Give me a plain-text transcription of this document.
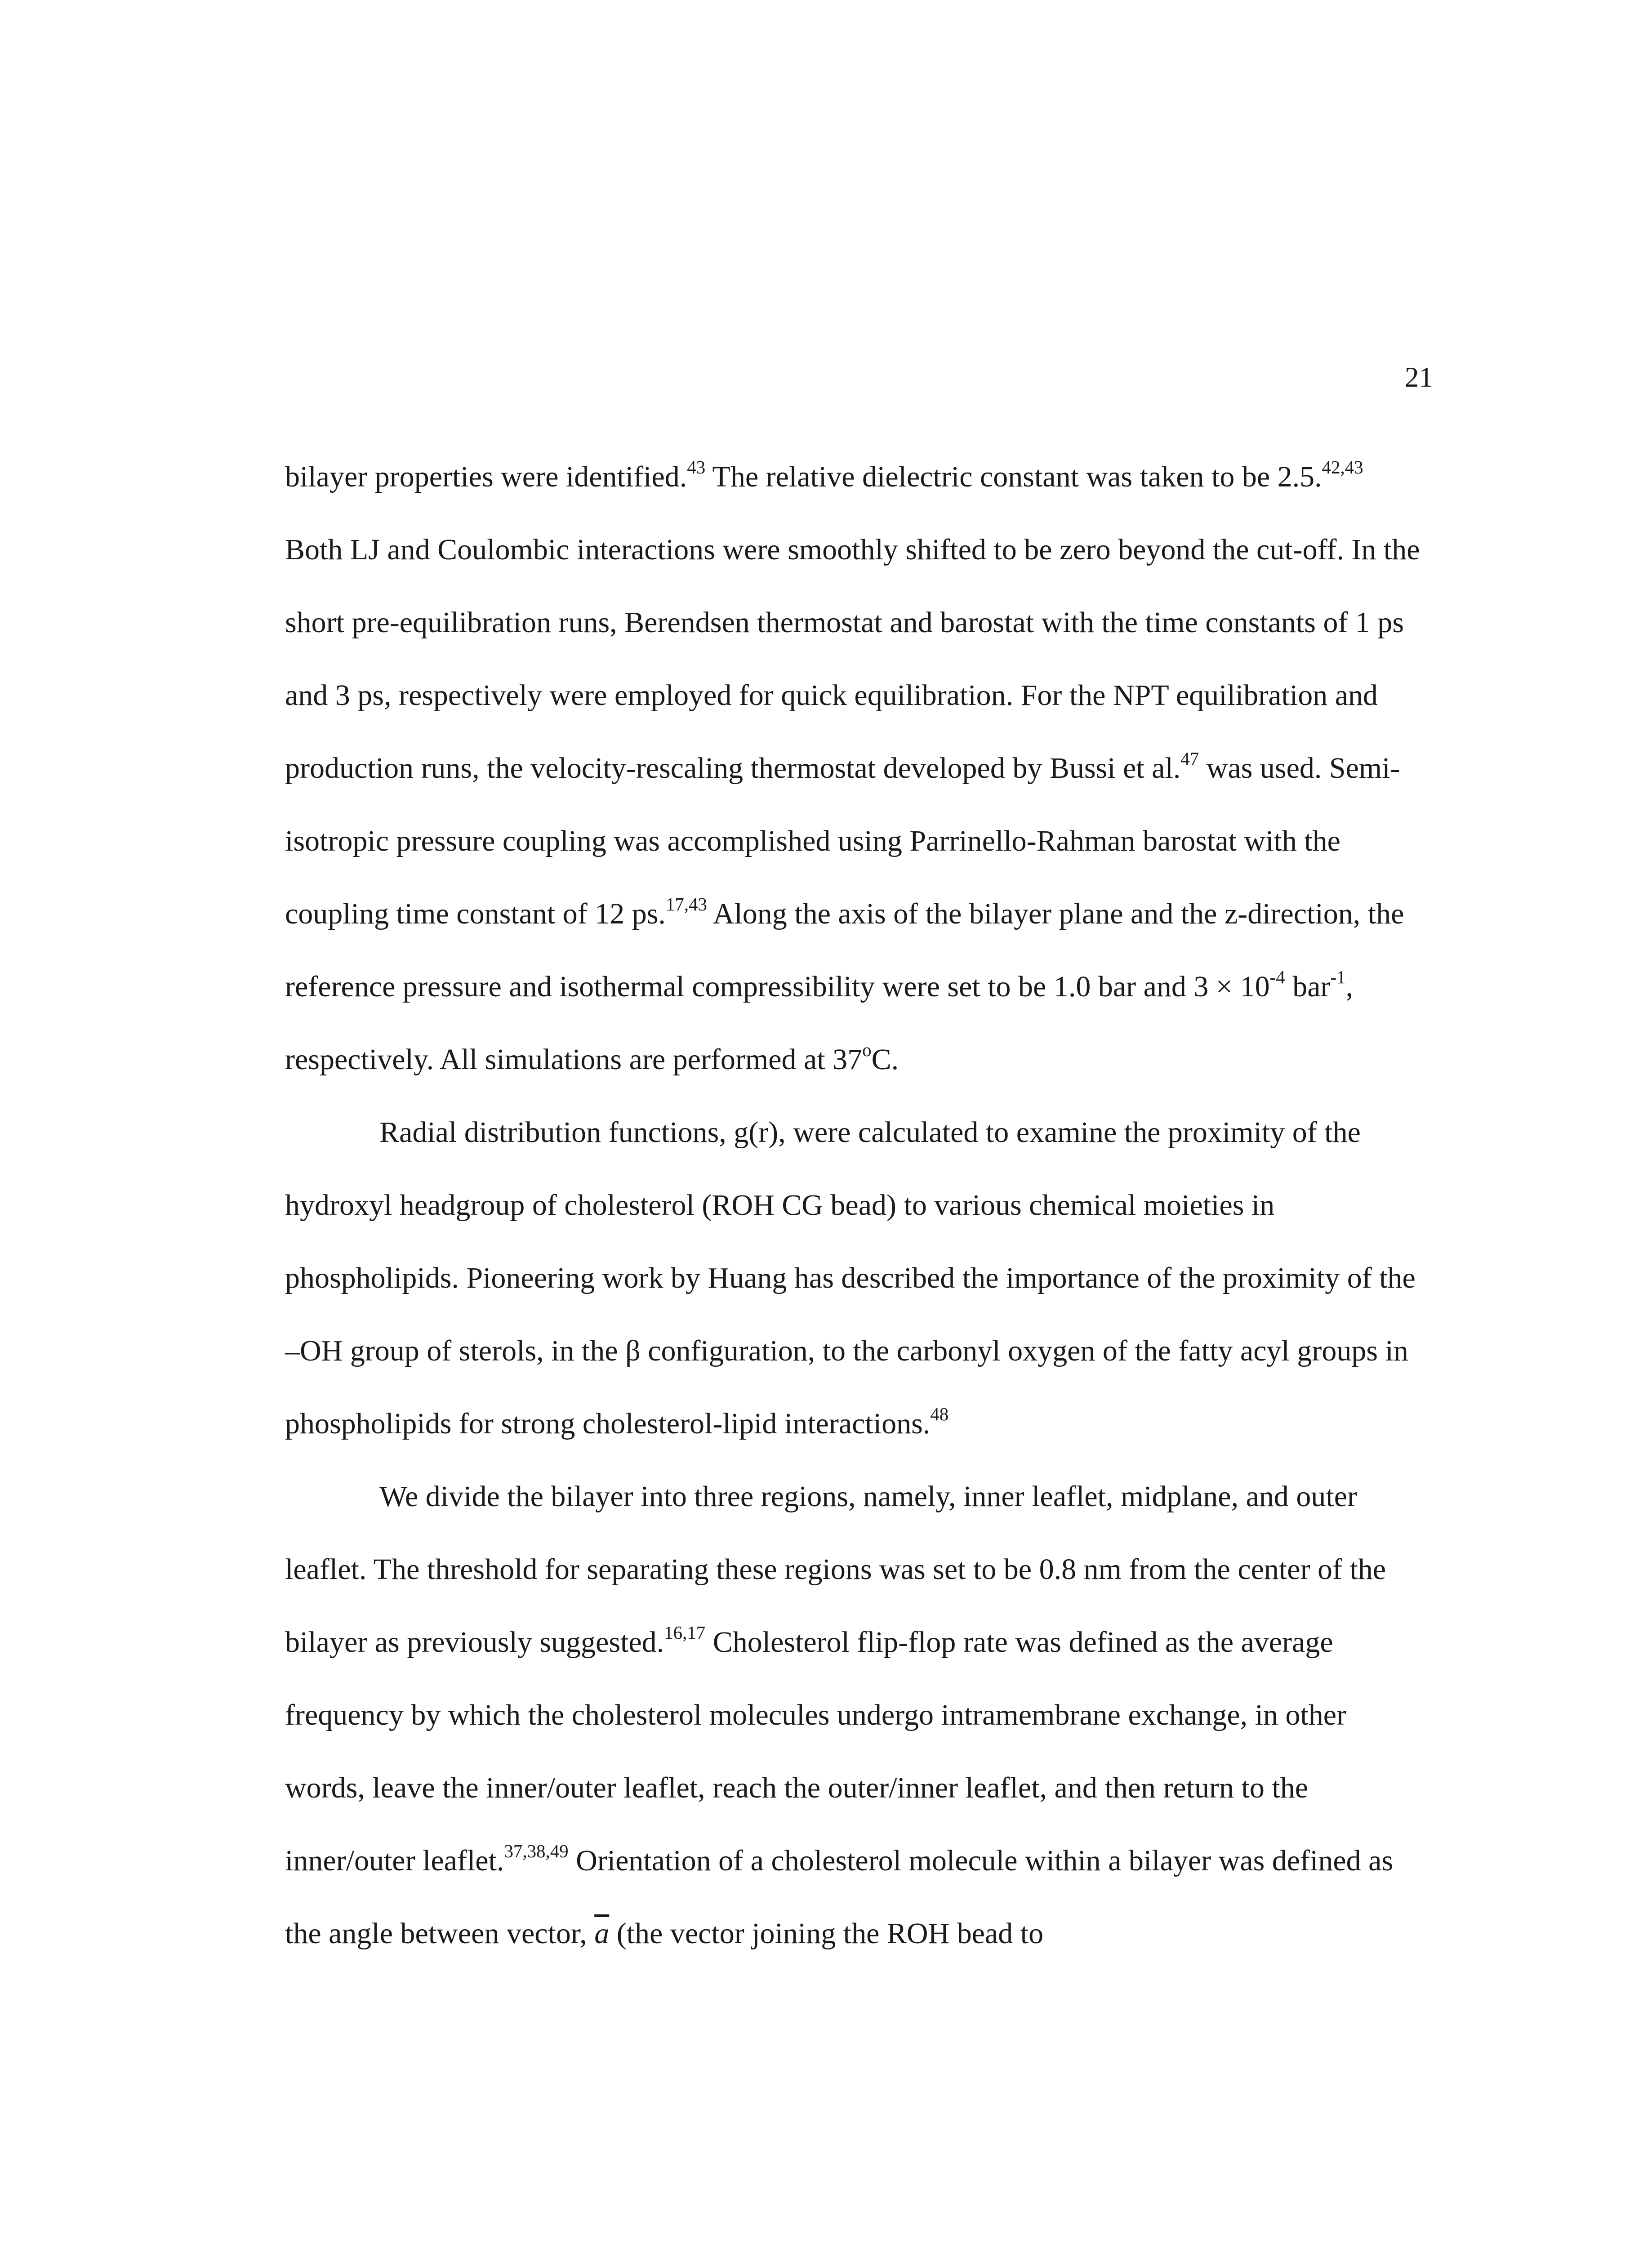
21

bilayer properties were identified.$^{43}$ The relative dielectric constant was taken to be 2.5.$^{42,43}$ Both LJ and Coulombic interactions were smoothly shifted to be zero beyond the cut-off. In the short pre-equilibration runs, Berendsen thermostat and barostat with the time constants of 1 ps and 3 ps, respectively were employed for quick equilibration. For the NPT equilibration and production runs, the velocity-rescaling thermostat developed by Bussi et al.$^{47}$ was used. Semi-isotropic pressure coupling was accomplished using Parrinello-Rahman barostat with the coupling time constant of 12 ps.$^{17,43}$ Along the axis of the bilayer plane and the z-direction, the reference pressure and isothermal compressibility were set to be 1.0 bar and $3 \times 10^{-4}$ bar$^{-1}$, respectively. All simulations are performed at 37$^o$C.

Radial distribution functions, g(r), were calculated to examine the proximity of the hydroxyl headgroup of cholesterol (ROH CG bead) to various chemical moieties in phospholipids. Pioneering work by Huang has described the importance of the proximity of the –OH group of sterols, in the β configuration, to the carbonyl oxygen of the fatty acyl groups in phospholipids for strong cholesterol-lipid interactions.$^{48}$

We divide the bilayer into three regions, namely, inner leaflet, midplane, and outer leaflet. The threshold for separating these regions was set to be 0.8 nm from the center of the bilayer as previously suggested.$^{16,17}$ Cholesterol flip-flop rate was defined as the average frequency by which the cholesterol molecules undergo intramembrane exchange, in other words, leave the inner/outer leaflet, reach the outer/inner leaflet, and then return to the inner/outer leaflet.$^{37,38,49}$ Orientation of a cholesterol molecule within a bilayer was defined as the angle between vector, $\overline{a}$ (the vector joining the ROH bead to
